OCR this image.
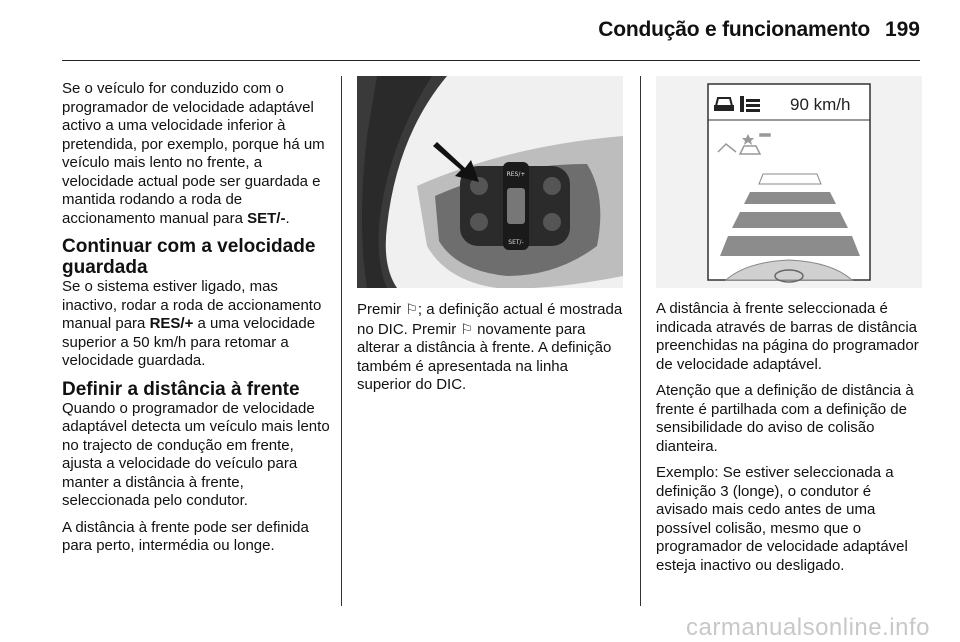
Condução e funcionamento 199

Se o veículo for conduzido com o programador de velocidade adaptável activo a uma velocidade inferior à pretendida, por exemplo, porque há um veículo mais lento no frente, a velocidade actual pode ser guardada e mantida rodando a roda de accionamento manual para SET/-.

Continuar com a velocidade guardada

Se o sistema estiver ligado, mas inactivo, rodar a roda de accionamento manual para RES/+ a uma velocidade superior a 50 km/h para retomar a velocidade guardada.

Definir a distância à frente

Quando o programador de velocidade adaptável detecta um veículo mais lento no trajecto de condução em frente, ajusta a velocidade do veículo para manter a distância à frente, seleccionada pelo condutor.

A distância à frente pode ser definida para perto, intermédia ou longe.

RES/+
SET/-

Premir ⚐; a definição actual é mostrada no DIC. Premir ⚐ novamente para alterar a distância à frente. A definição também é apresentada na linha superior do DIC.

90 km/h

A distância à frente seleccionada é indicada através de barras de distância preenchidas na página do programador de velocidade adaptável.

Atenção que a definição de distância à frente é partilhada com a definição de sensibilidade do aviso de colisão dianteira.

Exemplo: Se estiver seleccionada a definição 3 (longe), o condutor é avisado mais cedo antes de uma possível colisão, mesmo que o programador de velocidade adaptável esteja inactivo ou desligado.

carmanualsonline.info
